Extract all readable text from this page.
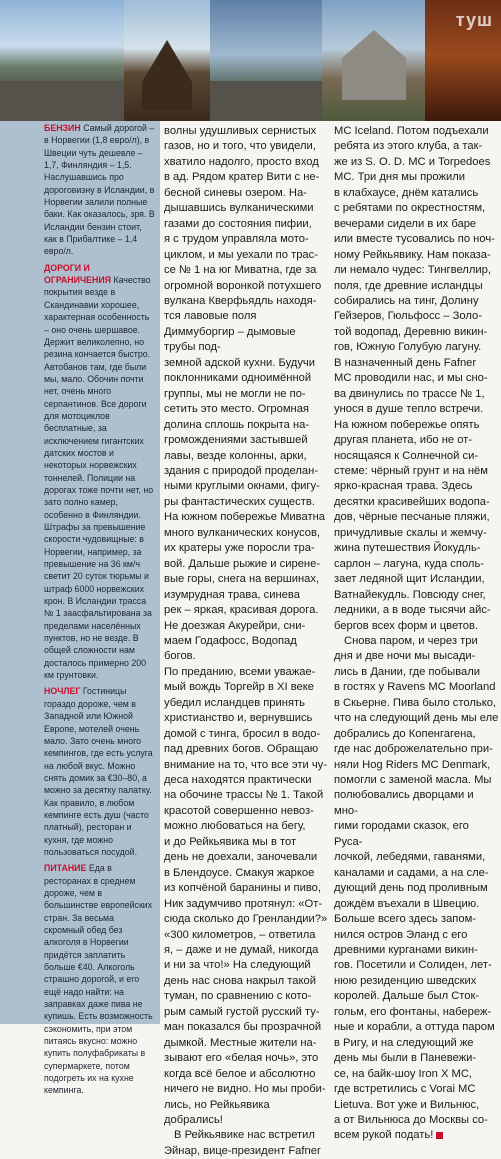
туш

БЕНЗИН Самый дорогой – в Норвегии (1,8 евро/л), в Швеции чуть дешевле – 1,7, Финляндия – 1,5. Наслушавшись про дороговизну в Исландии, в Норвегии залили полные баки. Как оказалось, зря. В Исландии бензин стоит, как в Прибалтике – 1,4 евро/л.

ДОРОГИ И ОГРАНИЧЕНИЯ Качество покрытия везде в Скандинавии хорошее, характерная особенность – оно очень шершавое. Держит великолепно, но резина кончается быстро. Автобанов там, где были мы, мало. Обочин почти нет, очень много серпантинов. Все дороги для мотоциклов бесплатные, за исключением гигантских датских мостов и некоторых норвежских тоннелей. Полиции на дорогах тоже почти нет, но зато полно камер, особенно в Финляндии. Штрафы за превышение скорости чудовищные: в Норвегии, например, за превышение на 36 км/ч светит 20 суток тюрьмы и штраф 6000 норвежских крон. В Исландии трасса № 1 заасфальтирована за пределами населённых пунктов, но не везде. В общей сложности нам досталось примерно 200 км грунтовки.

НОЧЛЕГ Гостиницы гораздо дороже, чем в Западной или Южной Европе, мотелей очень мало. Зато очень много кемпингов, где есть услуга на любой вкус. Можно снять домик за €30–80, а можно за десятку палатку. Как правило, в любом кемпинге есть душ (часто платный), ресторан и кухня, где можно пользоваться посудой.

ПИТАНИЕ Еда в ресторанах в среднем дороже, чем в большинстве европейских стран. За весьма скромный обед без алкоголя в Норвегии придётся заплатить больше €40. Алкоголь страшно дорогой, и его ещё надо найти: на заправках даже пива не купишь. Есть возможность сэкономить, при этом питаясь вкусно: можно купить полуфабрикаты в супермаркете, потом подогреть их на кухне кемпинга.

волны удушливых сернистых
газов, но и того, что увидели,
хватило надолго, просто вход
в ад. Рядом кратер Вити с не-
бесной синевы озером. На-
дышавшись вулканическими
газами до состояния пифии,
я с трудом управляла мото-
циклом, и мы уехали по трас-
се № 1 на юг Миватна, где за
огромной воронкой потухшего
вулкана Кверфьядль находя-
тся лавовые поля Диммуборгир – дымовые трубы под-
земной адской кухни. Будучи
поклонниками одноимённой
группы, мы не могли не по-
сетить это место. Огромная
долина сплошь покрыта на-
громождениями застывшей
лавы, везде колонны, арки,
здания с природой проделан-
ными круглыми окнами, фигу-
ры фантастических существ.
На южном побережье Миватна
много вулканических конусов,
их кратеры уже поросли тра-
вой. Дальше рыжие и сирене-
вые горы, снега на вершинах,
изумрудная трава, синева
рек – яркая, красивая дорога.
Не доезжая Акурейри, сни-
маем Годафосс, Водопад богов.
По преданию, всеми уважае-
мый вождь Торгейр в XI веке
убедил исландцев принять
христианство и, вернувшись
домой с тинга, бросил в водо-
пад древних богов. Обращаю
внимание на то, что все эти чу-
деса находятся практически
на обочине трассы № 1. Такой
красотой совершенно невоз-
можно любоваться на бегу,
и до Рейкьявика мы в тот
день не доехали, заночевали
в Блендоусе. Смакуя жаркое
из копчёной баранины и пиво,
Ник задумчиво протянул: «От-
сюда сколько до Гренландии?»
«300 километров, – ответила
я, – даже и не думай, никогда
и ни за что!» На следующий
день нас снова накрыл такой
туман, по сравнению с кото-
рым самый густой русский ту-
ман показался бы прозрачной
дымкой. Местные жители на-
зывают его «белая ночь», это
когда всё белое и абсолютно
ничего не видно. Но мы проби-
лись, но Рейкьявика добрались!

В Рейкьявике нас встретил
Эйнар, вице-президент Fafner

MC Iceland. Потом подъехали
ребята из этого клуба, а так-
же из S. O. D. MC и Torpedoes
MC. Три дня мы прожили
в клабхаусе, днём катались
с ребятами по окрестностям,
вечерами сидели в их баре
или вместе тусовались по ноч-
ному Рейкьявику. Нам показа-
ли немало чудес: Тингвеллир,
поля, где древние исландцы
собирались на тинг, Долину
Гейзеров, Гюльфосс – Золо-
той водопад, Деревню викин-
гов, Южную Голубую лагуну.
В назначенный день Fafner
MC проводили нас, и мы сно-
ва двинулись по трассе № 1,
унося в душе тепло встречи.
На южном побережье опять
другая планета, ибо не от-
носящаяся к Солнечной си-
стеме: чёрный грунт и на нём
ярко-красная трава. Здесь
десятки красивейших водопа-
дов, чёрные песчаные пляжи,
причудливые скалы и жемчу-
жина путешествия Йокудль-
сарлон – лагуна, куда споль-
зает ледяной щит Исландии,
Ватнайекудль. Повсюду снег,
ледники, а в воде тысячи айс-
бергов всех форм и цветов.

Снова паром, и через три
дня и две ночи мы высади-
лись в Дании, где побывали
в гостях у Ravens MC Moorland
в Скьерне. Пива было столько,
что на следующий день мы еле
добрались до Копенгагена,
где нас доброжелательно при-
няли Hog Riders MC Denmark,
помогли с заменой масла. Мы
полюбовались дворцами и мно-
гими городами сказок, его Руса-
лочкой, лебедями, гаванями,
каналами и садами, а на сле-
дующий день под проливным
дождём въехали в Швецию.
Больше всего здесь запом-
нился остров Эланд с его
древними курганами викин-
гов. Посетили и Солиден, лет-
нюю резиденцию шведских
королей. Дальше был Сток-
гольм, его фонтаны, набереж-
ные и корабли, а оттуда паром
в Ригу, и на следующий же
день мы были в Паневежи-
се, на байк-шоу Iron X MC,
где встретились с Vorai MC
Lietuva. Вот уже и Вильнюс,
а от Вильнюса до Москвы со-
всем рукой подать!
